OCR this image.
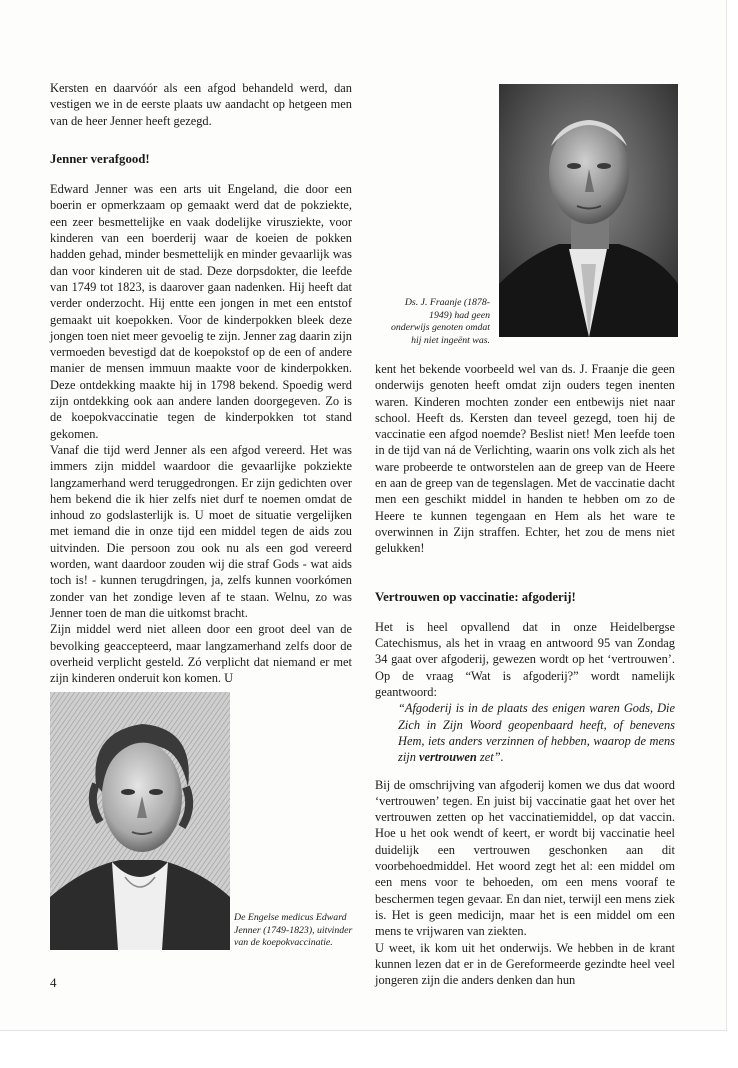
Kersten en daarvóór als een afgod behandeld werd, dan vestigen we in de eerste plaats uw aandacht op hetgeen men van de heer Jenner heeft gezegd.

Jenner verafgood!

Edward Jenner was een arts uit Engeland, die door een boerin er opmerkzaam op gemaakt werd dat de pokziekte, een zeer besmettelijke en vaak dodelijke virusziekte, voor kinderen van een boerderij waar de koeien de pokken hadden gehad, minder besmettelijk en minder gevaarlijk was dan voor kinderen uit de stad. Deze dorpsdokter, die leefde van 1749 tot 1823, is daarover gaan nadenken. Hij heeft dat verder onderzocht. Hij entte een jongen in met een entstof gemaakt uit koepokken. Voor de kinderpokken bleek deze jongen toen niet meer gevoelig te zijn. Jenner zag daarin zijn vermoeden bevestigd dat de koepokstof op de een of andere manier de mensen immuun maakte voor de kinderpokken. Deze ontdekking maakte hij in 1798 bekend. Spoedig werd zijn ontdekking ook aan andere landen doorgegeven. Zo is de koepokvaccinatie tegen de kinderpokken tot stand gekomen.

Vanaf die tijd werd Jenner als een afgod vereerd. Het was immers zijn middel waardoor die gevaarlijke pokziekte langzamerhand werd teruggedrongen. Er zijn gedichten over hem bekend die ik hier zelfs niet durf te noemen omdat de inhoud zo godslasterlijk is. U moet de situatie vergelijken met iemand die in onze tijd een middel tegen de aids zou uitvinden. Die persoon zou ook nu als een god vereerd worden, want daardoor zouden wij die straf Gods - wat aids toch is! - kunnen terugdringen, ja, zelfs kunnen voorkómen zonder van het zondige leven af te staan. Welnu, zo was Jenner toen de man die uitkomst bracht.

Zijn middel werd niet alleen door een groot deel van de bevolking geaccepteerd, maar langzamerhand zelfs door de overheid verplicht gesteld. Zó verplicht dat niemand er met zijn kinderen onderuit kon komen. U

Ds. J. Fraanje (1878-1949) had geen onderwijs genoten omdat hij niet ingeënt was.

kent het bekende voorbeeld wel van ds. J. Fraanje die geen onderwijs genoten heeft omdat zijn ouders tegen inenten waren. Kinderen mochten zonder een entbewijs niet naar school. Heeft ds. Kersten dan teveel gezegd, toen hij de vaccinatie een afgod noemde? Beslist niet! Men leefde toen in de tijd van ná de Verlichting, waarin ons volk zich als het ware probeerde te ontworstelen aan de greep van de Heere en aan de greep van de tegenslagen. Met de vaccinatie dacht men een geschikt middel in handen te hebben om zo de Heere te kunnen tegengaan en Hem als het ware te overwinnen in Zijn straffen. Echter, het zou de mens niet gelukken!

Vertrouwen op vaccinatie: afgoderij!

Het is heel opvallend dat in onze Heidelbergse Catechismus, als het in vraag en antwoord 95 van Zondag 34 gaat over afgoderij, gewezen wordt op het ‘vertrouwen’. Op de vraag “Wat is afgoderij?” wordt namelijk geantwoord:

“Afgoderij is in de plaats des enigen waren Gods, Die Zich in Zijn Woord geopenbaard heeft, of benevens Hem, iets anders verzinnen of hebben, waarop de mens zijn vertrouwen zet”.

Bij de omschrijving van afgoderij komen we dus dat woord ‘vertrouwen’ tegen. En juist bij vaccinatie gaat het over het vertrouwen zetten op het vaccinatiemiddel, op dat vaccin. Hoe u het ook wendt of keert, er wordt bij vaccinatie heel duidelijk een vertrouwen geschonken aan dit voorbehoedmiddel. Het woord zegt het al: een middel om een mens voor te behoeden, om een mens vooraf te beschermen tegen gevaar. En dan niet, terwijl een mens ziek is. Het is geen medicijn, maar het is een middel om een mens te vrijwaren van ziekten.

U weet, ik kom uit het onderwijs. We hebben in de krant kunnen lezen dat er in de Gereformeerde gezindte heel veel jongeren zijn die anders denken dan hun

De Engelse medicus Edward Jenner (1749-1823), uitvinder van de koepokvaccinatie.
4
